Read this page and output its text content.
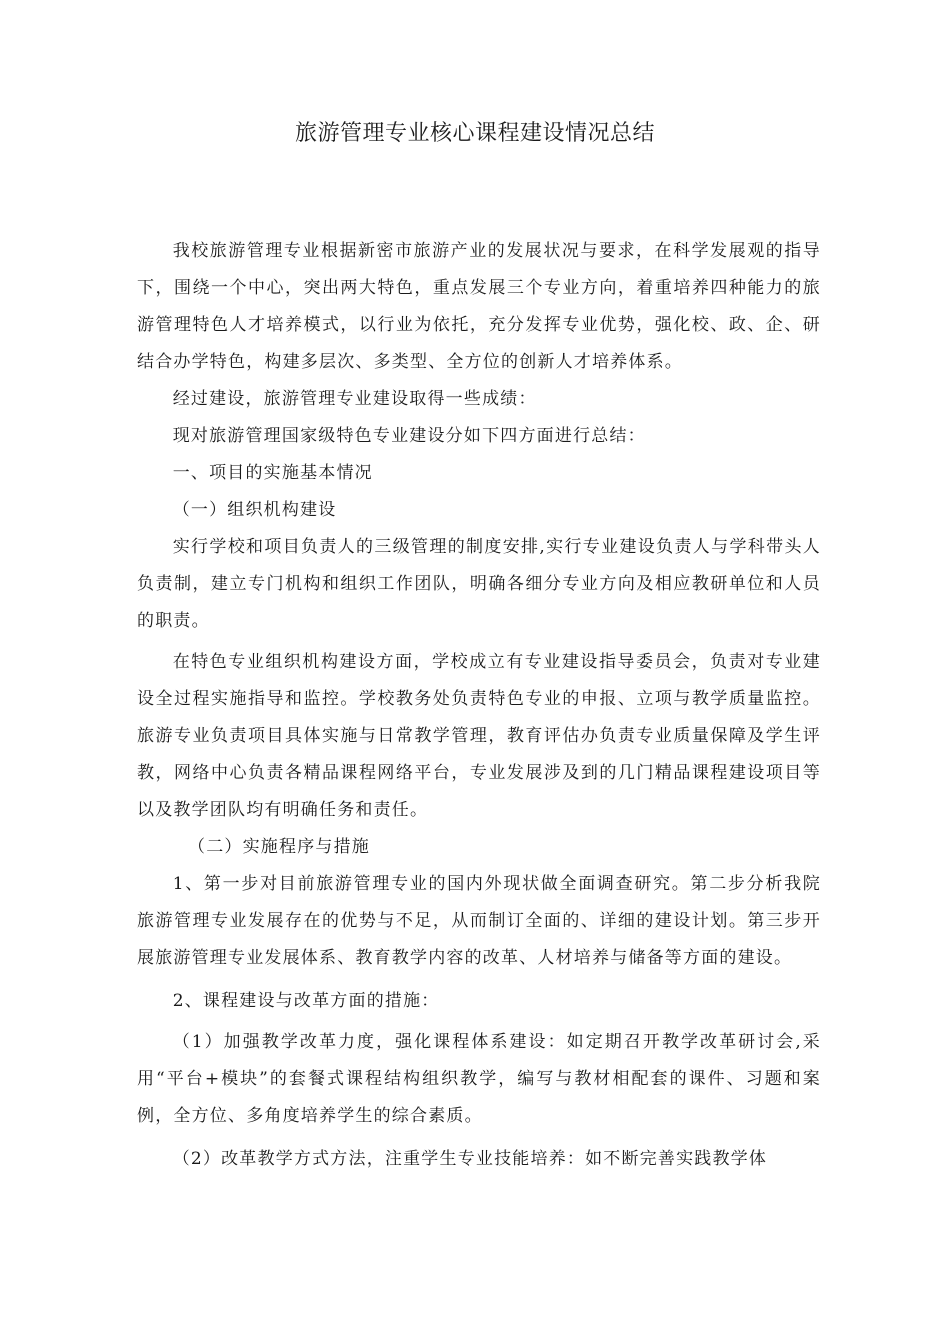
旅游管理专业核心课程建设情况总结

我校旅游管理专业根据新密市旅游产业的发展状况与要求，在科学发展观的指导下，围绕一个中心，突出两大特色，重点发展三个专业方向，着重培养四种能力的旅游管理特色人才培养模式，以行业为依托，充分发挥专业优势，强化校、政、企、研结合办学特色，构建多层次、多类型、全方位的创新人才培养体系。

经过建设，旅游管理专业建设取得一些成绩：

现对旅游管理国家级特色专业建设分如下四方面进行总结：

一、项目的实施基本情况

（一）组织机构建设

实行学校和项目负责人的三级管理的制度安排,实行专业建设负责人与学科带头人负责制，建立专门机构和组织工作团队，明确各细分专业方向及相应教研单位和人员的职责。

在特色专业组织机构建设方面，学校成立有专业建设指导委员会，负责对专业建设全过程实施指导和监控。学校教务处负责特色专业的申报、立项与教学质量监控。旅游专业负责项目具体实施与日常教学管理，教育评估办负责专业质量保障及学生评教，网络中心负责各精品课程网络平台，专业发展涉及到的几门精品课程建设项目等以及教学团队均有明确任务和责任。

（二）实施程序与措施

1、第一步对目前旅游管理专业的国内外现状做全面调查研究。第二步分析我院旅游管理专业发展存在的优势与不足，从而制订全面的、详细的建设计划。第三步开展旅游管理专业发展体系、教育教学内容的改革、人材培养与储备等方面的建设。

2、课程建设与改革方面的措施：

（1）加强教学改革力度，强化课程体系建设：如定期召开教学改革研讨会,采用“平台+模块”的套餐式课程结构组织教学，编写与教材相配套的课件、习题和案例，全方位、多角度培养学生的综合素质。

（2）改革教学方式方法，注重学生专业技能培养：如不断完善实践教学体
